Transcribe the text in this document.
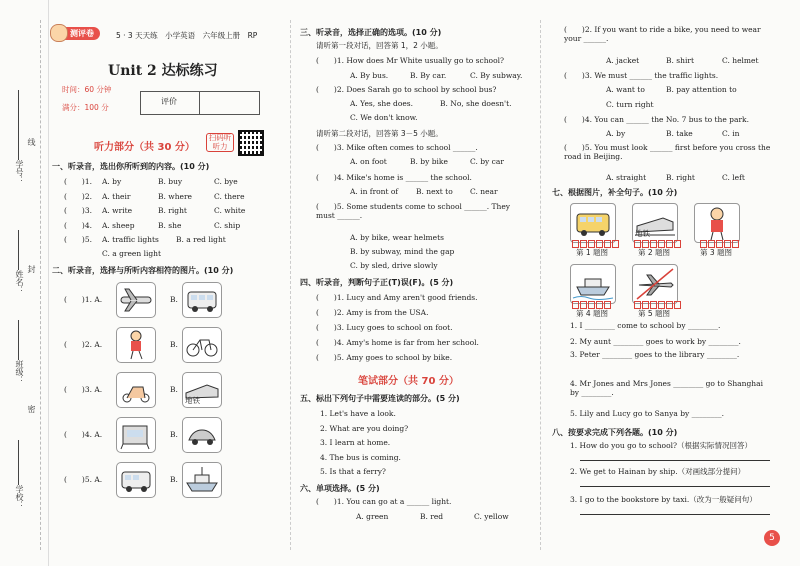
学号：
线
姓名：
封
班级：
密
学校：
测评卷	5 · 3 天天练　 小学英语　 六年级上册　 RP
Unit 2 达标练习
时间：60 分钟
满分：100 分
评价
听力部分（共 30 分）
扫码听听力
一、听录音，选出你所听到的内容。(10 分)
(　　)1. A. by	B. buy	C. bye
(　　)2. A. their	B. where	C. there
(　　)3. A. write	B. right	C. white
(　　)4. A. sheep	B. she	C. ship
(　　)5. A. traffic lights B. a red light
C. a green light
二、听录音，选择与所听内容相符的图片。(10 分)
(　　)1. A.	B.
(　　)2. A.	B.
(　　)3. A.	B.
地铁
(　　)4. A.	B.
(　　)5. A.	B.
三、听录音，选择正确的选项。(10 分)
请听第一段对话，回答第 1，2 小题。
(　　)1. How does Mr White usually go to school?
A. By bus.	B. By car.	C. By subway.
(　　)2. Does Sarah go to school by school bus?
A. Yes, she does.	B. No, she doesn't.
C. We don't know.
请听第二段对话，回答第 3－5 小题。
(　　)3. Mike often comes to school ______.
A. on foot	B. by bike	C. by car
(　　)4. Mike's home is ______ the school.
A. in front of B. next to C. near
(　　)5. Some students come to school ______. They must ______.
A. by bike, wear helmets
B. by subway, mind the gap
C. by sled, drive slowly
四、听录音，判断句子正(T)误(F)。(5 分)
(　　)1. Lucy and Amy aren't good friends.
(　　)2. Amy is from the USA.
(　　)3. Lucy goes to school on foot.
(　　)4. Amy's home is far from her school.
(　　)5. Amy goes to school by bike.
笔试部分（共 70 分）
五、标出下列句子中需要连读的部分。(5 分)
1. Let's have a look.
2. What are you doing?
3. I learn at home.
4. The bus is coming.
5. Is that a ferry?
六、单项选择。(5 分)
(　　)1. You can go at a ______ light.
A. green	B. red	C. yellow
(　　)2. If you want to ride a bike, you need to wear your ______.
A. jacket	B. shirt	C. helmet
(　　)3. We must ______ the traffic lights.
A. want to	B. pay attention to
C. turn right
(　　)4. You can ______ the No. 7 bus to the park.
A. by	B. take	C. in
(　　)5. You must look ______ first before you cross the road in Beijing.
A. straight	B. right	C. left
七、根据图片，补全句子。(10 分)
地铁
第 1 题图	第 2 题图	第 3 题图
第 4 题图	第 5 题图
1. I ________ come to school by ________.
2. My aunt ________ goes to work by ________.
3. Peter ________ goes to the library ________.
4. Mr Jones and Mrs Jones ________ go to Shanghai by ________.
5. Lily and Lucy go to Sanya by ________.
八、按要求完成下列各题。(10 分)
1. How do you go to school?（根据实际情况回答）
2. We get to Hainan by ship.（对画线部分提问）
3. I go to the bookstore by taxi.（改为一般疑问句）
5
